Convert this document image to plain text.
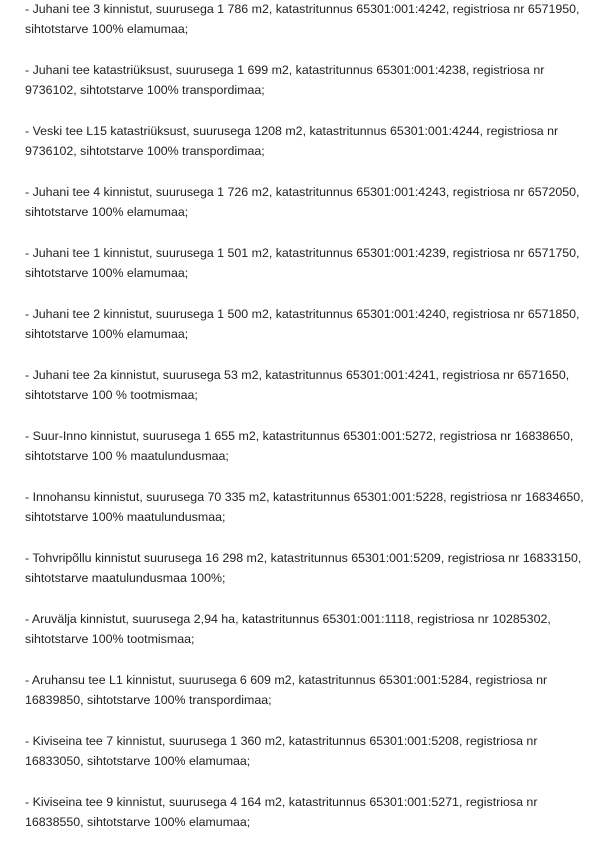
- Juhani tee 3 kinnistut, suurusega 1 786 m2, katastritunnus 65301:001:4242, registriosa nr 6571950, sihtotstarve 100% elamumaa;

- Juhani tee katastriüksust, suurusega 1 699 m2, katastritunnus 65301:001:4238, registriosa nr 9736102, sihtotstarve 100% transpordimaa;

- Veski tee L15 katastriüksust, suurusega 1208 m2, katastritunnus 65301:001:4244, registriosa nr 9736102, sihtotstarve 100% transpordimaa;

- Juhani tee 4 kinnistut, suurusega 1 726 m2, katastritunnus 65301:001:4243, registriosa nr 6572050, sihtotstarve 100% elamumaa;

- Juhani tee 1 kinnistut, suurusega 1 501 m2, katastritunnus 65301:001:4239, registriosa nr 6571750, sihtotstarve 100% elamumaa;

- Juhani tee 2 kinnistut, suurusega 1 500 m2, katastritunnus 65301:001:4240, registriosa nr 6571850, sihtotstarve 100% elamumaa;

- Juhani tee 2a kinnistut, suurusega 53 m2, katastritunnus 65301:001:4241, registriosa nr 6571650, sihtotstarve 100 % tootmismaa;

- Suur-Inno kinnistut, suurusega 1 655 m2, katastritunnus 65301:001:5272, registriosa nr 16838650, sihtotstarve 100 % maatulundusmaa;

- Innohansu kinnistut, suurusega 70 335 m2, katastritunnus 65301:001:5228, registriosa nr 16834650, sihtotstarve 100% maatulundusmaa;

- Tohvripõllu kinnistut suurusega 16 298 m2, katastritunnus 65301:001:5209, registriosa nr 16833150, sihtotstarve maatulundusmaa 100%;

- Aruvälja kinnistut, suurusega 2,94 ha, katastritunnus 65301:001:1118, registriosa nr 10285302, sihtotstarve 100% tootmismaa;

- Aruhansu tee L1 kinnistut, suurusega 6 609 m2, katastritunnus 65301:001:5284, registriosa nr 16839850, sihtotstarve 100% transpordimaa;

- Kiviseina tee 7 kinnistut, suurusega 1 360 m2, katastritunnus 65301:001:5208, registriosa nr 16833050, sihtotstarve 100% elamumaa;

- Kiviseina tee 9 kinnistut, suurusega 4 164 m2, katastritunnus 65301:001:5271, registriosa nr 16838550, sihtotstarve 100% elamumaa;
